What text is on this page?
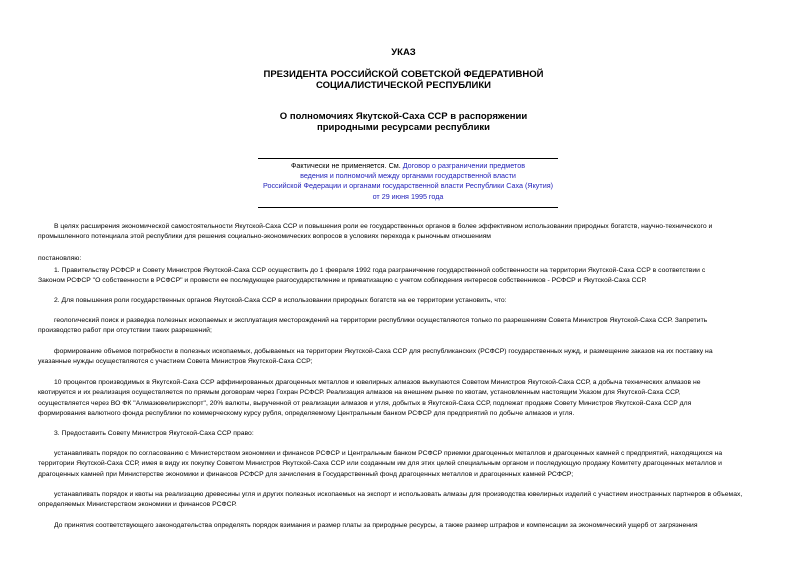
УКАЗ
ПРЕЗИДЕНТА РОССИЙСКОЙ СОВЕТСКОЙ ФЕДЕРАТИВНОЙ
СОЦИАЛИСТИЧЕСКОЙ РЕСПУБЛИКИ
О полномочиях Якутской-Саха ССР в распоряжении
природными ресурсами республики
Фактически не применяется. См. Договор о разграничении предметов
ведения и полномочий между органами государственной власти
Российской Федерации и органами государственной власти Республики Саха (Якутия)
от 29 июня 1995 года
В целях расширения экономической самостоятельности Якутской-Саха ССР и повышения роли ее государственных органов в более эффективном использовании природных богатств, научно-технического и
промышленного потенциала этой республики для решения социально-экономических вопросов в условиях перехода к рыночным отношениям
постановляю:
1. Правительству РСФСР и Совету Министров Якутской-Саха ССР осуществить до 1 февраля 1992 года разграничение государственной собственности на территории Якутской-Саха ССР в соответствии с
Законом РСФСР "О собственности в РСФСР" и провести ее последующее разгосударствление и приватизацию с учетом соблюдения интересов собственников - РСФСР и Якутской-Саха ССР.
2. Для повышения роли государственных органов Якутской-Саха ССР в использовании природных богатств на ее территории установить, что:
геологический поиск и разведка полезных ископаемых и эксплуатация месторождений на территории республики осуществляются только по разрешениям Совета Министров Якутской-Саха ССР. Запретить
производство работ при отсутствии таких разрешений;
формирование объемов потребности в полезных ископаемых, добываемых на территории Якутской-Саха ССР для республиканских (РСФСР) государственных нужд, и размещение заказов на их поставку на
указанные нужды осуществляются с участием Совета Министров Якутской-Саха ССР;
10 процентов производимых в Якутской-Саха ССР аффинированных драгоценных металлов и ювелирных алмазов выкупаются Советом Министров Якутской-Саха ССР, а добыча технических алмазов не
квотируется и их реализация осуществляется по прямым договорам через Гохран РСФСР. Реализация алмазов на внешнем рынке по квотам, установленным настоящим Указом для Якутской-Саха ССР,
осуществляется через ВО ФК "Алмазювелирэкспорт", 20% валюты, вырученной от реализации алмазов и угля, добытых в Якутской-Саха ССР, подлежат продаже Совету Министров Якутской-Саха ССР для
формирования валютного фонда республики по коммерческому курсу рубля, определяемому Центральным банком РСФСР для предприятий по добыче алмазов и угля.
3. Предоставить Совету Министров Якутской-Саха ССР право:
устанавливать порядок по согласованию с Министерством экономики и финансов РСФСР и Центральным банком РСФСР приемки драгоценных металлов и драгоценных камней с предприятий, находящихся на
территории Якутской-Саха ССР, имея в виду их покупку Советом Министров Якутской-Саха ССР или созданным им для этих целей специальным органом и последующую продажу Комитету драгоценных металлов и
драгоценных камней при Министерстве экономики и финансов РСФСР для зачисления в Государственный фонд драгоценных металлов и драгоценных камней РСФСР;
устанавливать порядок и квоты на реализацию древесины угля и других полезных ископаемых на экспорт и использовать алмазы для производства ювелирных изделий с участием иностранных партнеров в объемах,
определяемых Министерством экономики и финансов РСФСР.
До принятия соответствующего законодательства определять порядок взимания и размер платы за природные ресурсы, а также размер штрафов и компенсации за экономический ущерб от загрязнения
